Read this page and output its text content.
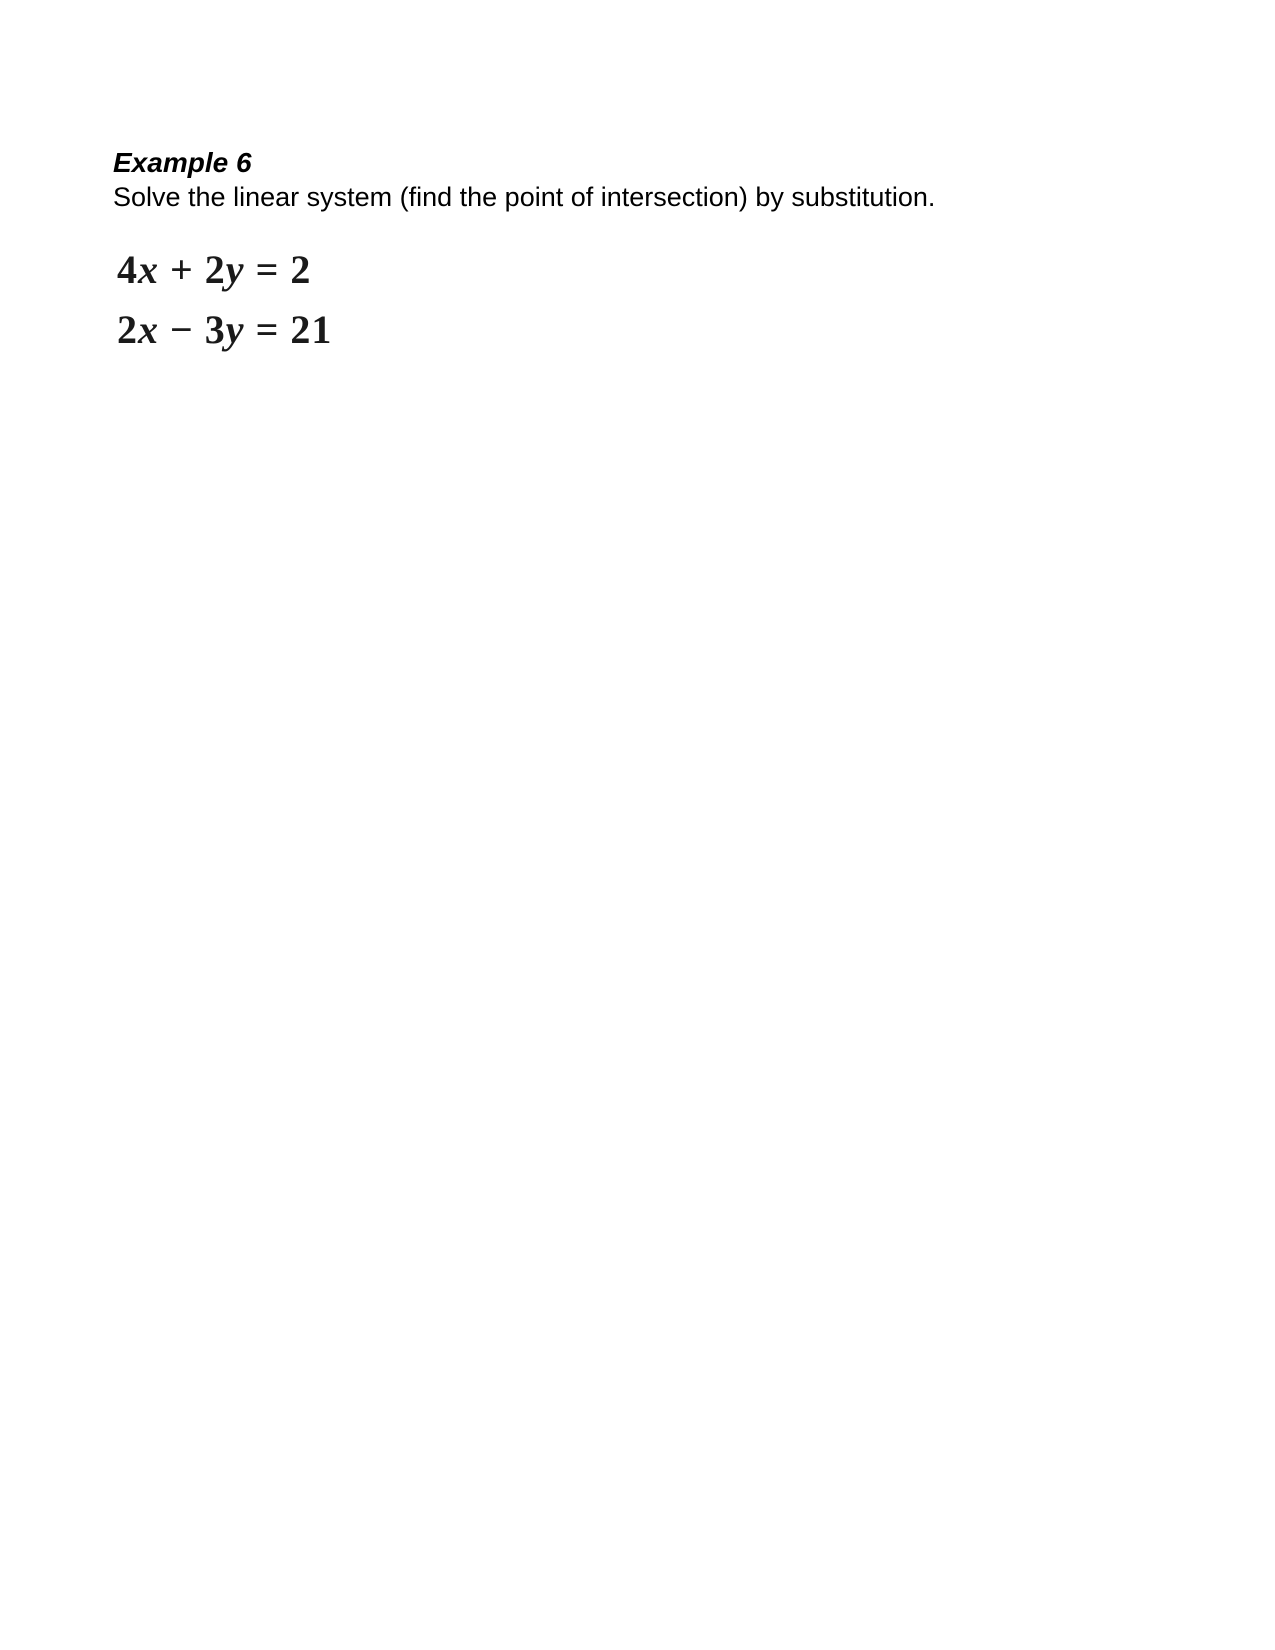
Example 6
Solve the linear system (find the point of intersection) by substitution.
4x + 2y = 2
2x − 3y = 21
